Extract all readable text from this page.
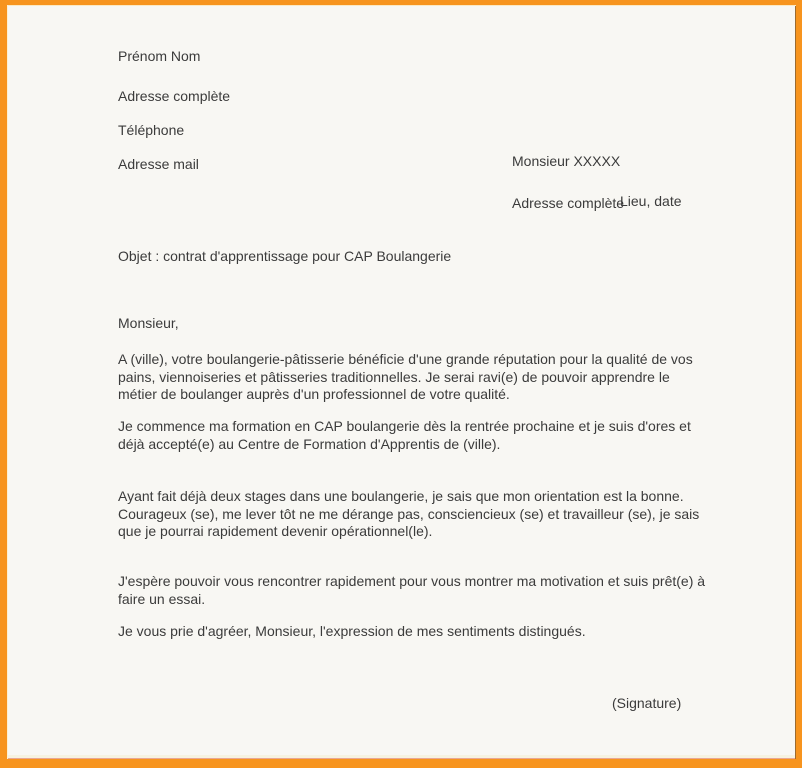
Prénom Nom

Adresse complète

Téléphone

Adresse mail	Monsieur XXXXX

Adresse complète

Lieu, date
Objet : contrat d'apprentissage pour CAP Boulangerie
Monsieur,
A (ville), votre boulangerie-pâtisserie bénéficie d'une grande réputation pour la qualité de vos pains, viennoiseries et pâtisseries traditionnelles. Je serai ravi(e) de pouvoir apprendre le métier de boulanger auprès d'un professionnel de votre qualité.
Je commence ma formation en CAP boulangerie dès la rentrée prochaine et je suis d'ores et déjà accepté(e) au Centre de Formation d'Apprentis de (ville).
Ayant fait déjà deux stages dans une boulangerie, je sais que mon orientation est la bonne. Courageux (se), me lever tôt ne me dérange pas, consciencieux (se) et travailleur (se), je sais que je pourrai rapidement devenir opérationnel(le).
J'espère pouvoir vous rencontrer rapidement pour vous montrer ma motivation et suis prêt(e) à faire un essai.
Je vous prie d'agréer, Monsieur, l'expression de mes sentiments distingués.
(Signature)
